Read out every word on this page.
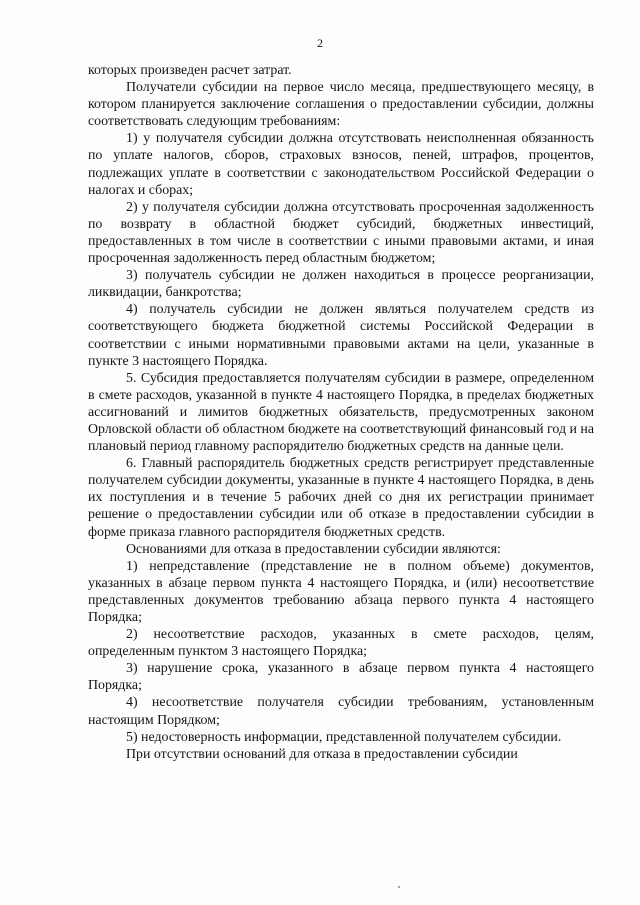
2

которых произведен расчет затрат.

Получатели субсидии на первое число месяца, предшествующего месяцу, в котором планируется заключение соглашения о предоставлении субсидии, должны соответствовать следующим требованиям:

1) у получателя субсидии должна отсутствовать неисполненная обязанность по уплате налогов, сборов, страховых взносов, пеней, штрафов, процентов, подлежащих уплате в соответствии с законодательством Российской Федерации о налогах и сборах;

2) у получателя субсидии должна отсутствовать просроченная задолженность по возврату в областной бюджет субсидий, бюджетных инвестиций, предоставленных в том числе в соответствии с иными правовыми актами, и иная просроченная задолженность перед областным бюджетом;

3) получатель субсидии не должен находиться в процессе реорганизации, ликвидации, банкротства;

4) получатель субсидии не должен являться получателем средств из соответствующего бюджета бюджетной системы Российской Федерации в соответствии с иными нормативными правовыми актами на цели, указанные в пункте 3 настоящего Порядка.

5. Субсидия предоставляется получателям субсидии в размере, определенном в смете расходов, указанной в пункте 4 настоящего Порядка, в пределах бюджетных ассигнований и лимитов бюджетных обязательств, предусмотренных законом Орловской области об областном бюджете на соответствующий финансовый год и на плановый период главному распорядителю бюджетных средств на данные цели.

6. Главный распорядитель бюджетных средств регистрирует представленные получателем субсидии документы, указанные в пункте 4 настоящего Порядка, в день их поступления и в течение 5 рабочих дней со дня их регистрации принимает решение о предоставлении субсидии или об отказе в предоставлении субсидии в форме приказа главного распорядителя бюджетных средств.

Основаниями для отказа в предоставлении субсидии являются:

1) непредставление (представление не в полном объеме) документов, указанных в абзаце первом пункта 4 настоящего Порядка, и (или) несоответствие представленных документов требованию абзаца первого пункта 4 настоящего Порядка;

2) несоответствие расходов, указанных в смете расходов, целям, определенным пунктом 3 настоящего Порядка;

3) нарушение срока, указанного в абзаце первом пункта 4 настоящего Порядка;

4) несоответствие получателя субсидии требованиям, установленным настоящим Порядком;

5) недостоверность информации, представленной получателем субсидии.

При отсутствии оснований для отказа в предоставлении субсидии
